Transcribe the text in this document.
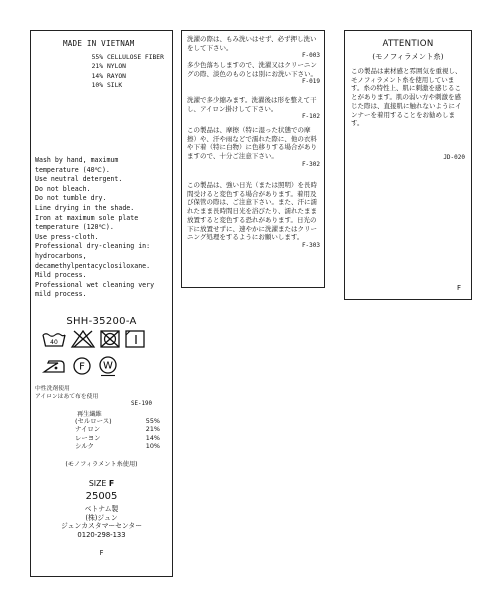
MADE IN VIETNAM
55% CELLULOSE FIBER
21% NYLON
14% RAYON
10% SILK
Wash by hand, maximum
temperature (40℃).
Use neutral detergent.
Do not bleach.
Do not tumble dry.
Line drying in the shade.
Iron at maximum sole plate
temperature (120℃).
Use press-cloth.
Professional dry-cleaning in:
hydrocarbons,
decamethylpentacyclosiloxane.
Mild process.
Professional wet cleaning very
mild process.
SHH-35200-A
40
F W
中性洗剤使用
アイロンはあて布を使用
SE-190
再生繊維
(セルロース)	55%
ナイロン	21%
レーヨン	14%
シルク	10%
(モノフィラメント糸使用)
SIZE F
25005
ベトナム製
(株)ジュン
ジュンカスタマーセンター
0120-298-133
F
洗濯の際は、もみ洗いはせず、必ず押し洗いをして下さい。
F-003
多少色落ちしますので、洗濯又はクリーニングの際、淡色のものとは別にお洗い下さい。
F-019
洗濯で多少縮みます。洗濯後は形を整えて干し、アイロン掛けして下さい。
F-102
この製品は、摩擦（特に湿った状態での摩擦）や、汗や雨などで濡れた際に、他の衣料や下着（特に白物）に色移りする場合がありますので、十分ご注意下さい。
F-302
この製品は、強い日光（または照明）を長時間受けると変色する場合があります。着用及び保管の際は、ご注意下さい。また、汗に濡れたまま長時間日光を浴びたり、濡れたまま放置すると変色する恐れがあります。日光の下に放置せずに、速やかに洗濯またはクリーニング処理をするようにお願いします。
F-303
ATTENTION
(モノフィラメント糸)
この製品は素材感と雰囲気を重視し、モノフィラメント糸を使用しています。糸の特性上、肌に刺激を感じることがあります。肌の弱い方や刺激を感じた際は、直接肌に触れないようにインナーを着用することをお勧めします。
JD-020
F
